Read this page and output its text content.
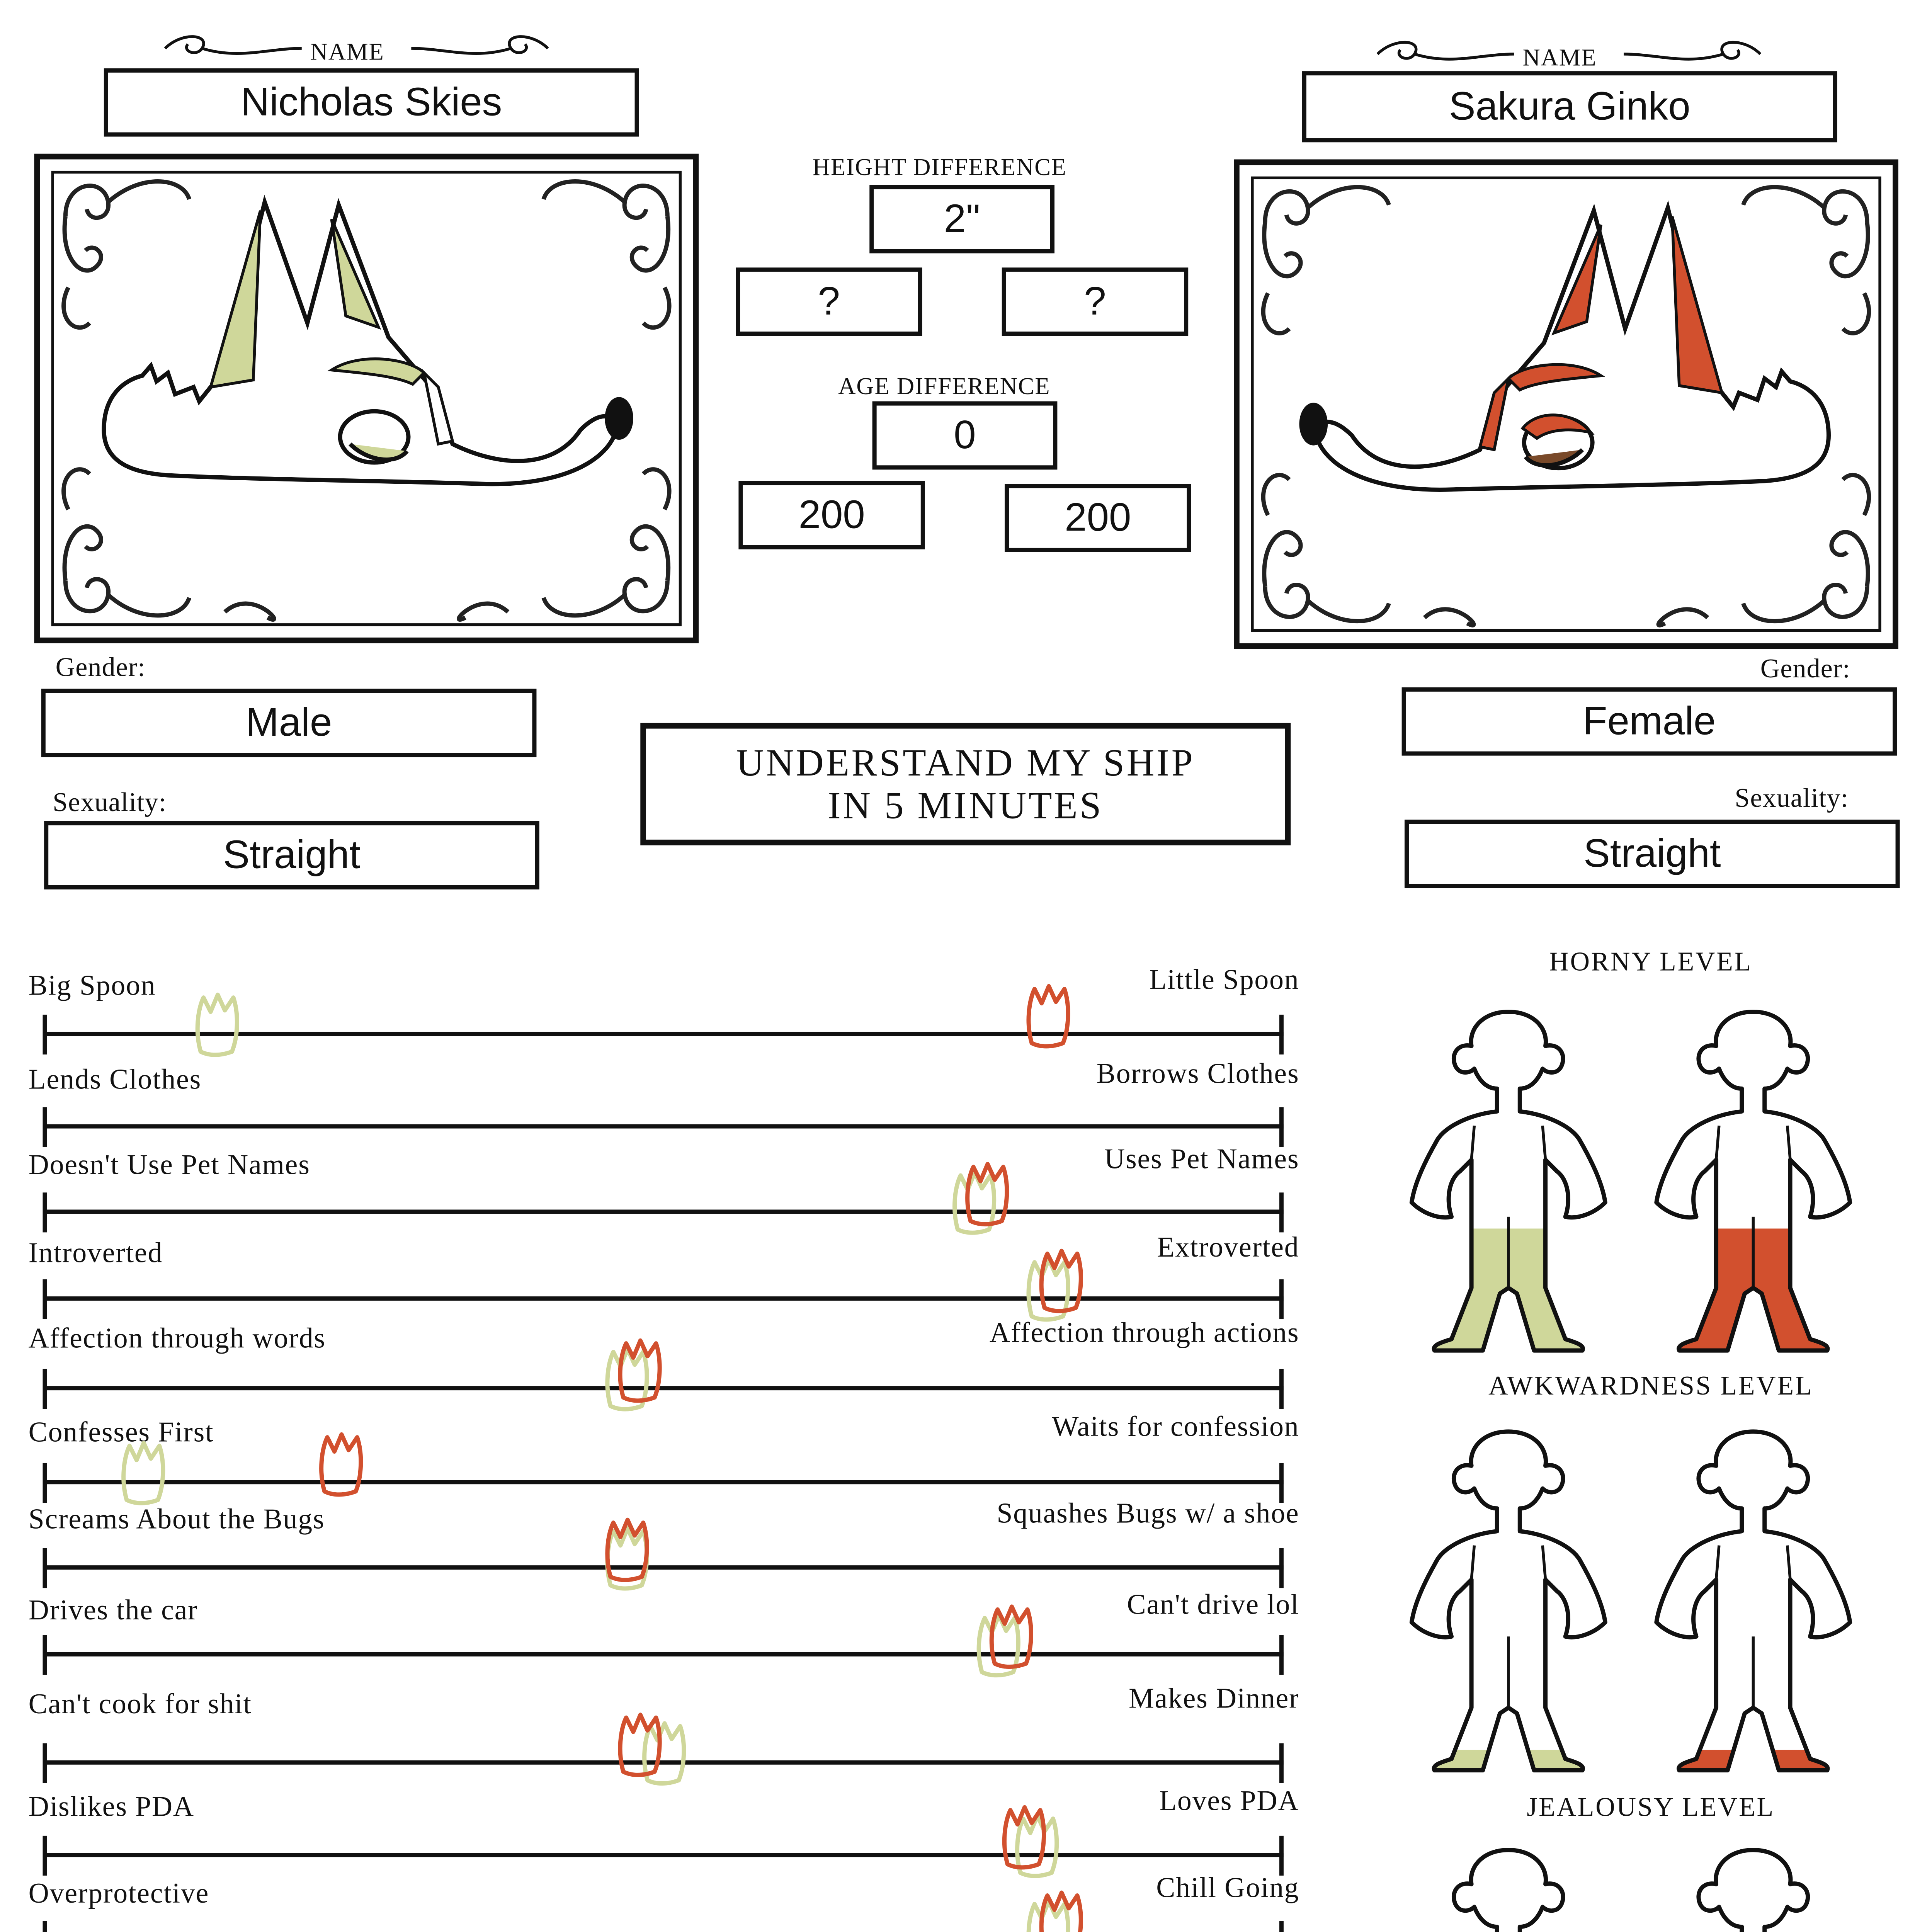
NAME
Nicholas Skies
NAME
Sakura Ginko
HEIGHT DIFFERENCE
2"
?	?
AGE DIFFERENCE
0
200	200
Gender:
Male
Sexuality:
Straight
Gender:
Female
Sexuality:
Straight
UNDERSTAND MY SHIP
IN 5 MINUTES
Big Spoon	Little Spoon
Lends Clothes	Borrows Clothes
Doesn't Use Pet Names	Uses Pet Names
Introverted	Extroverted
Affection through words	Affection through actions
Confesses First	Waits for confession
Screams About the Bugs	Squashes Bugs w/ a shoe
Drives the car	Can't drive lol
Can't cook for shit	Makes Dinner
Dislikes PDA	Loves PDA
Overprotective	Chill Going
HORNY LEVEL
AWKWARDNESS LEVEL
JEALOUSY LEVEL
